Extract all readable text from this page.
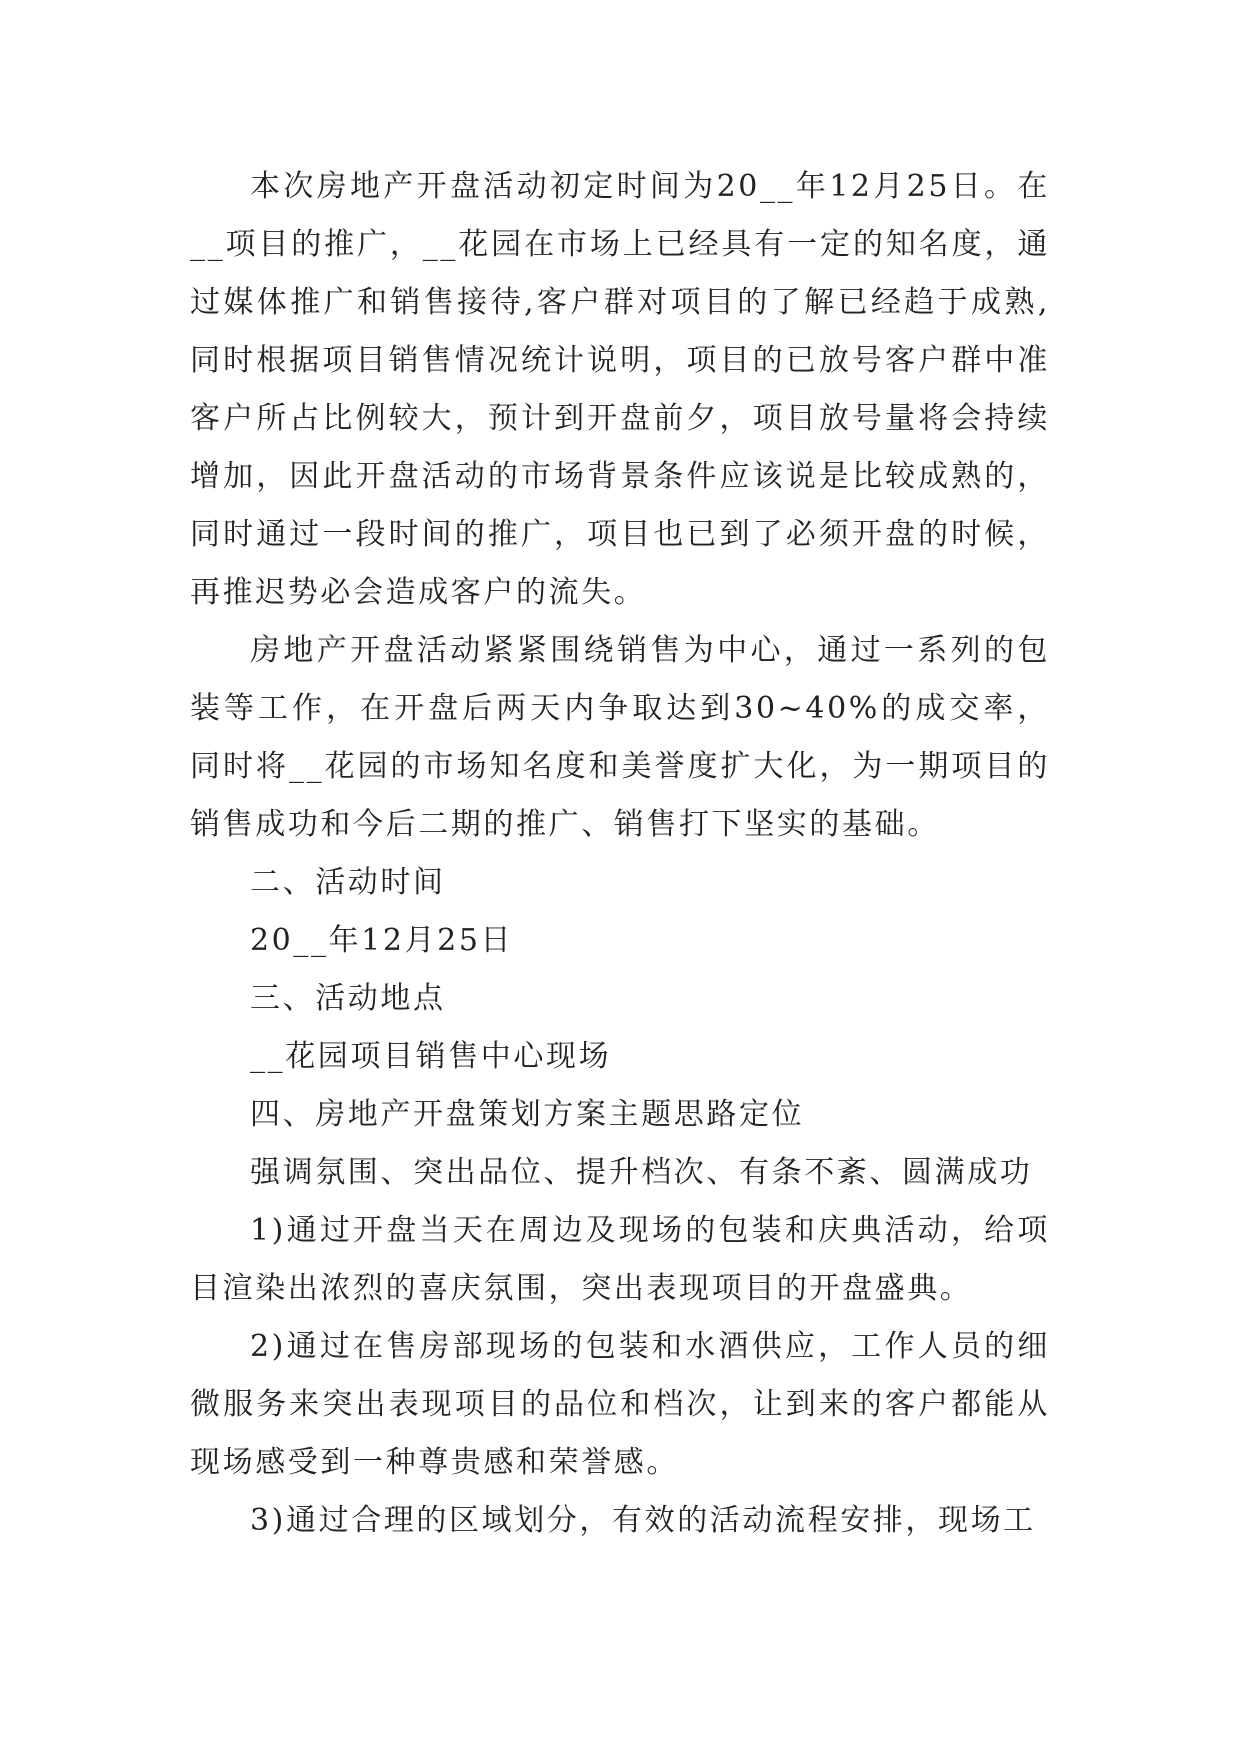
本次房地产开盘活动初定时间为20__年12月25日。在__项目的推广，__花园在市场上已经具有一定的知名度，通过媒体推广和销售接待,客户群对项目的了解已经趋于成熟,同时根据项目销售情况统计说明，项目的已放号客户群中准客户所占比例较大，预计到开盘前夕，项目放号量将会持续增加，因此开盘活动的市场背景条件应该说是比较成熟的，同时通过一段时间的推广，项目也已到了必须开盘的时候，再推迟势必会造成客户的流失。

房地产开盘活动紧紧围绕销售为中心，通过一系列的包装等工作，在开盘后两天内争取达到30~40%的成交率，同时将__花园的市场知名度和美誉度扩大化，为一期项目的销售成功和今后二期的推广、销售打下坚实的基础。

二、活动时间

20__年12月25日

三、活动地点

__花园项目销售中心现场

四、房地产开盘策划方案主题思路定位

强调氛围、突出品位、提升档次、有条不紊、圆满成功

1)通过开盘当天在周边及现场的包装和庆典活动，给项目渲染出浓烈的喜庆氛围，突出表现项目的开盘盛典。

2)通过在售房部现场的包装和水酒供应，工作人员的细微服务来突出表现项目的品位和档次，让到来的客户都能从现场感受到一种尊贵感和荣誉感。

3)通过合理的区域划分，有效的活动流程安排，现场工
